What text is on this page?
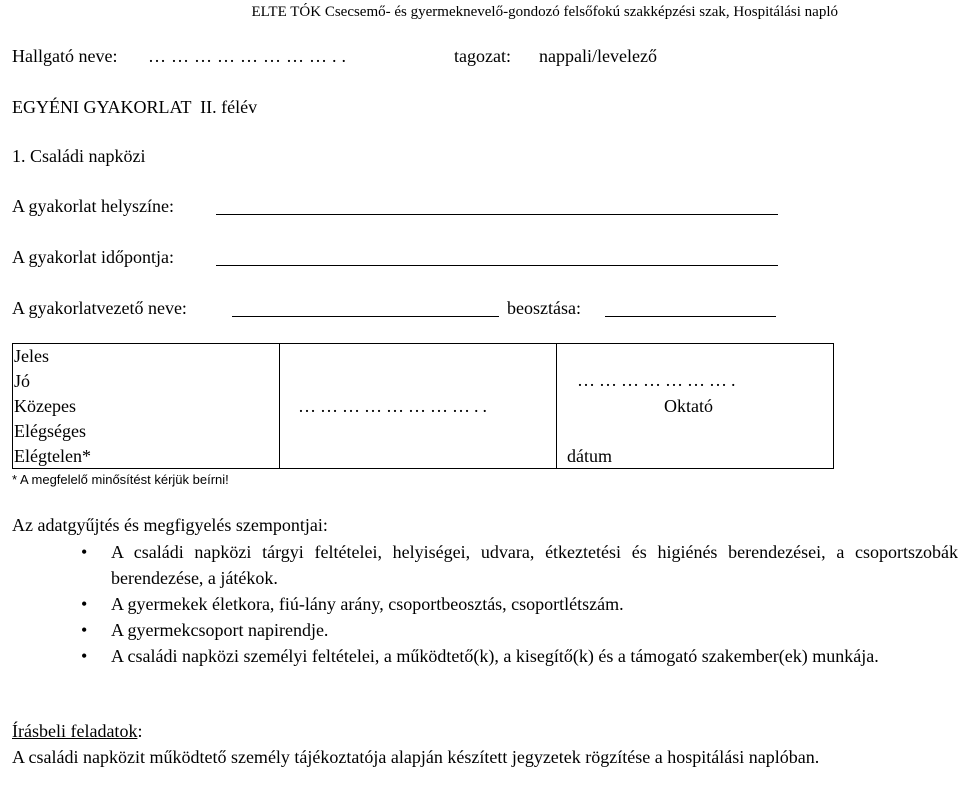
ELTE TÓK Csecsemő- és gyermeknevelő-gondozó felsőfokú szakképzési szak, Hospitálási napló
Hallgató neve: ……………………..	tagozat: nappali/levelező
EGYÉNI GYAKORLAT  II. félév
1. Családi napközi
A gyakorlat helyszíne:
A gyakorlat időpontja:
A gyakorlatvezető neve:	beosztása:
Jeles
Jó
Közepes
Elégséges
Elégtelen*
……………………..
………………….
Oktató
dátum
* A megfelelő minősítést kérjük beírni!
Az adatgyűjtés és megfigyelés szempontjai:
• A családi napközi tárgyi feltételei, helyiségei, udvara, étkeztetési és higiénés berendezései, a csoportszobák berendezése, a játékok.
• A gyermekek életkora, fiú-lány arány, csoportbeosztás, csoportlétszám.
• A gyermekcsoport napirendje.
• A családi napközi személyi feltételei, a működtető(k), a kisegítő(k) és a támogató szakember(ek) munkája.
Írásbeli feladatok:
A családi napközit működtető személy tájékoztatója alapján készített jegyzetek rögzítése a hospitálási naplóban.
